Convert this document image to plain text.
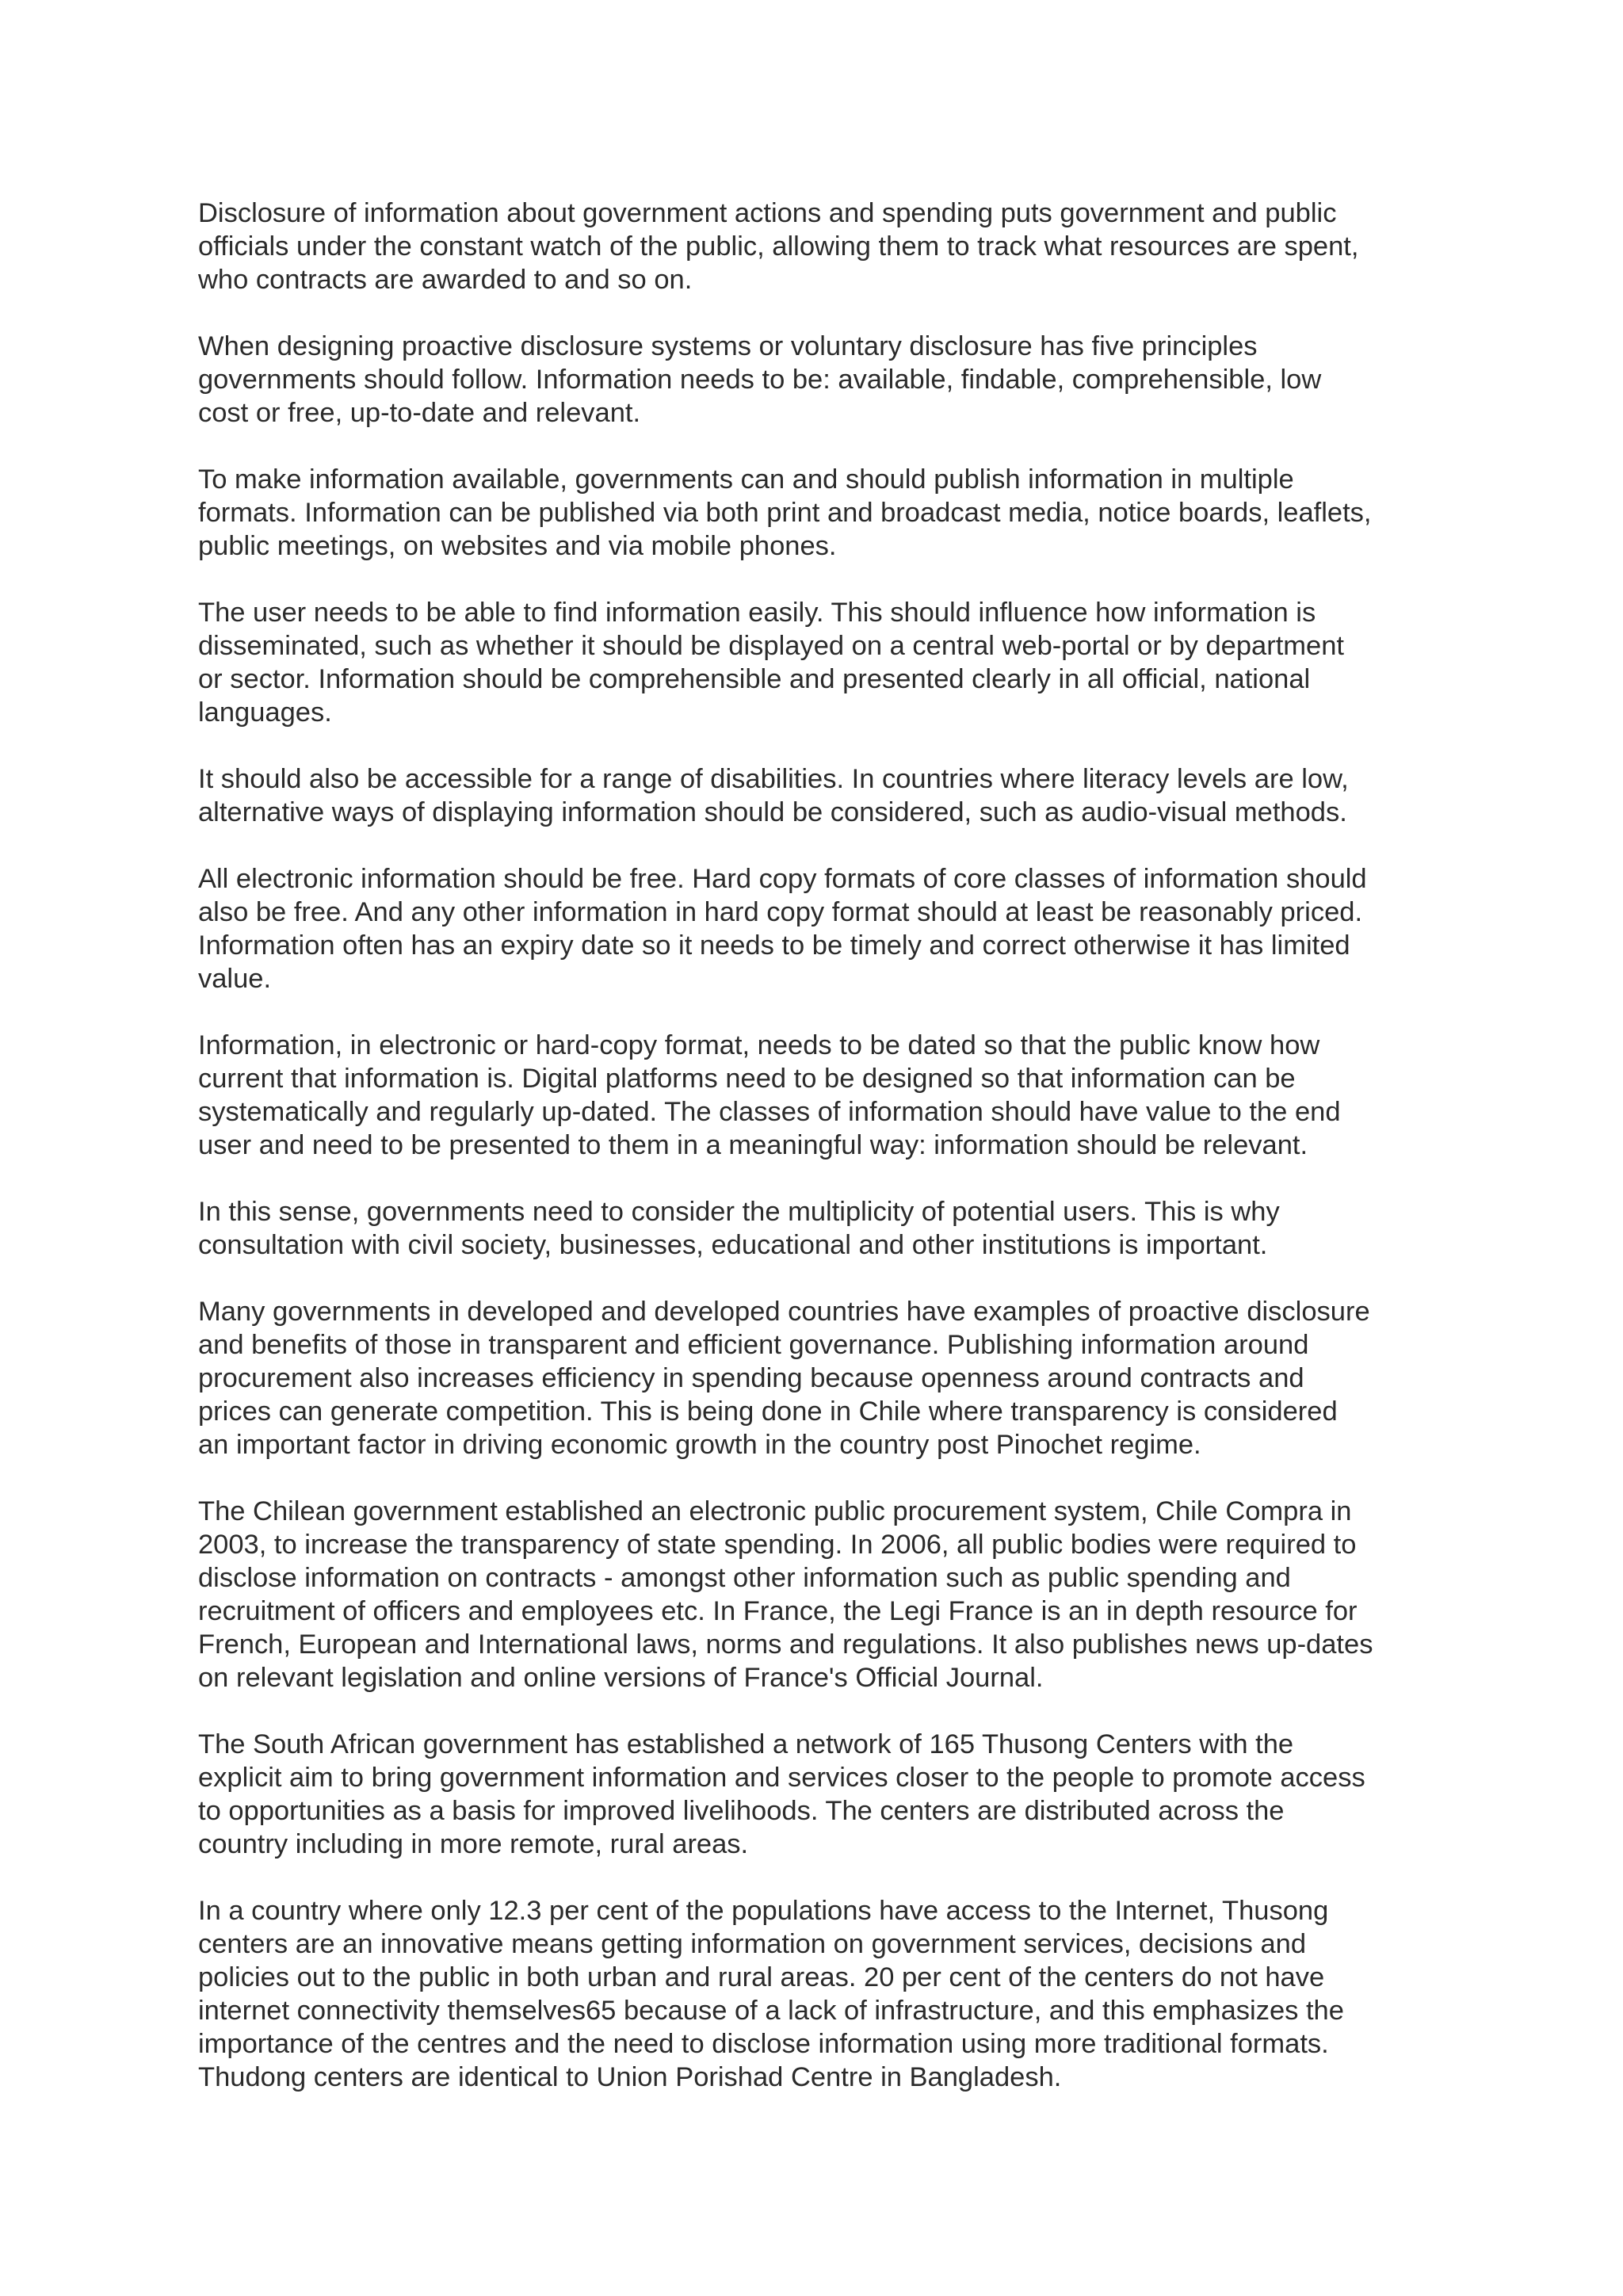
Disclosure of information about government actions and spending puts government and public
officials under the constant watch of the public, allowing them to track what resources are spent,
who contracts are awarded to and so on.

When designing proactive disclosure systems or voluntary disclosure has five principles
governments should follow. Information needs to be: available, findable, comprehensible, low
cost or free, up-to-date and relevant.

To make information available, governments can and should publish information in multiple
formats. Information can be published via both print and broadcast media, notice boards, leaflets,
public meetings, on websites and via mobile phones.

The user needs to be able to find information easily. This should influence how information is
disseminated, such as whether it should be displayed on a central web-portal or by department
or sector. Information should be comprehensible and presented clearly in all official, national
languages.

It should also be accessible for a range of disabilities. In countries where literacy levels are low,
alternative ways of displaying information should be considered, such as audio-visual methods.

All electronic information should be free. Hard copy formats of core classes of information should
also be free. And any other information in hard copy format should at least be reasonably priced.
Information often has an expiry date so it needs to be timely and correct otherwise it has limited
value.

Information, in electronic or hard-copy format, needs to be dated so that the public know how
current that information is. Digital platforms need to be designed so that information can be
systematically and regularly up-dated. The classes of information should have value to the end
user and need to be presented to them in a meaningful way: information should be relevant.

In this sense, governments need to consider the multiplicity of potential users. This is why
consultation with civil society, businesses, educational and other institutions is important.

Many governments in developed and developed countries have examples of proactive disclosure
and benefits of those in transparent and efficient governance. Publishing information around
procurement also increases efficiency in spending because openness around contracts and
prices can generate competition. This is being done in Chile where transparency is considered
an important factor in driving economic growth in the country post Pinochet regime.

The Chilean government established an electronic public procurement system, Chile Compra in
2003, to increase the transparency of state spending. In 2006, all public bodies were required to
disclose information on contracts - amongst other information such as public spending and
recruitment of officers and employees etc. In France, the Legi France is an in depth resource for
French, European and International laws, norms and regulations. It also publishes news up-dates
on relevant legislation and online versions of France's Official Journal.

The South African government has established a network of 165 Thusong Centers with the
explicit aim to bring government information and services closer to the people to promote access
to opportunities as a basis for improved livelihoods. The centers are distributed across the
country including in more remote, rural areas.

In a country where only 12.3 per cent of the populations have access to the Internet, Thusong
centers are an innovative means getting information on government services, decisions and
policies out to the public in both urban and rural areas. 20 per cent of the centers do not have
internet connectivity themselves65 because of a lack of infrastructure, and this emphasizes the
importance of the centres and the need to disclose information using more traditional formats.
Thudong centers are identical to Union Porishad Centre in Bangladesh.
